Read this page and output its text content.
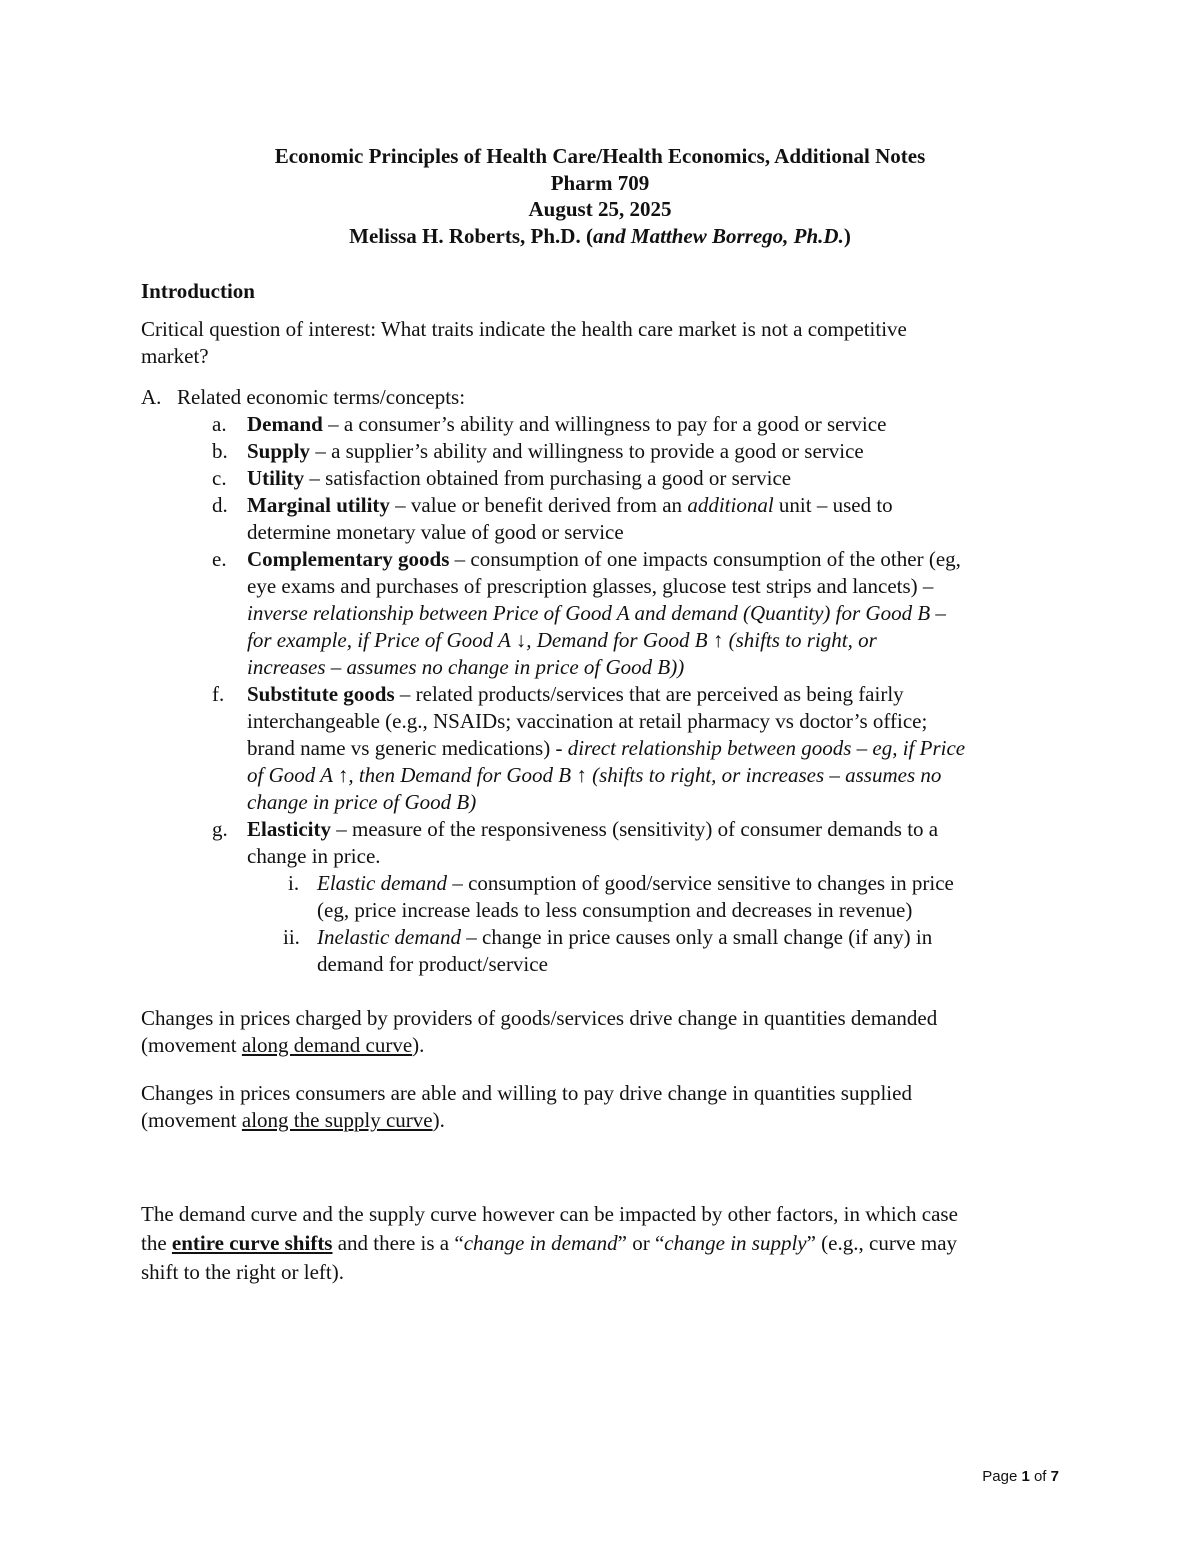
Economic Principles of Health Care/Health Economics, Additional Notes
Pharm 709
August 25, 2025
Melissa H. Roberts, Ph.D. (and Matthew Borrego, Ph.D.)
Introduction
Critical question of interest: What traits indicate the health care market is not a competitive
market?
A. Related economic terms/concepts:
a. Demand – a consumer’s ability and willingness to pay for a good or service
b. Supply – a supplier’s ability and willingness to provide a good or service
c. Utility – satisfaction obtained from purchasing a good or service
d. Marginal utility – value or benefit derived from an additional unit – used to
determine monetary value of good or service
e. Complementary goods – consumption of one impacts consumption of the other (eg,
eye exams and purchases of prescription glasses, glucose test strips and lancets) –
inverse relationship between Price of Good A and demand (Quantity) for Good B –
for example, if Price of Good A ↓, Demand for Good B ↑ (shifts to right, or
increases – assumes no change in price of Good B))
f. Substitute goods – related products/services that are perceived as being fairly
interchangeable (e.g., NSAIDs; vaccination at retail pharmacy vs doctor’s office;
brand name vs generic medications) - direct relationship between goods – eg, if Price
of Good A ↑, then Demand for Good B ↑ (shifts to right, or increases – assumes no
change in price of Good B)
g. Elasticity – measure of the responsiveness (sensitivity) of consumer demands to a
change in price.
i. Elastic demand – consumption of good/service sensitive to changes in price
(eg, price increase leads to less consumption and decreases in revenue)
ii. Inelastic demand – change in price causes only a small change (if any) in
demand for product/service
Changes in prices charged by providers of goods/services drive change in quantities demanded
(movement along demand curve).
Changes in prices consumers are able and willing to pay drive change in quantities supplied
(movement along the supply curve).
The demand curve and the supply curve however can be impacted by other factors, in which case
the entire curve shifts and there is a “change in demand” or “change in supply” (e.g., curve may
shift to the right or left).
Page 1 of 7
